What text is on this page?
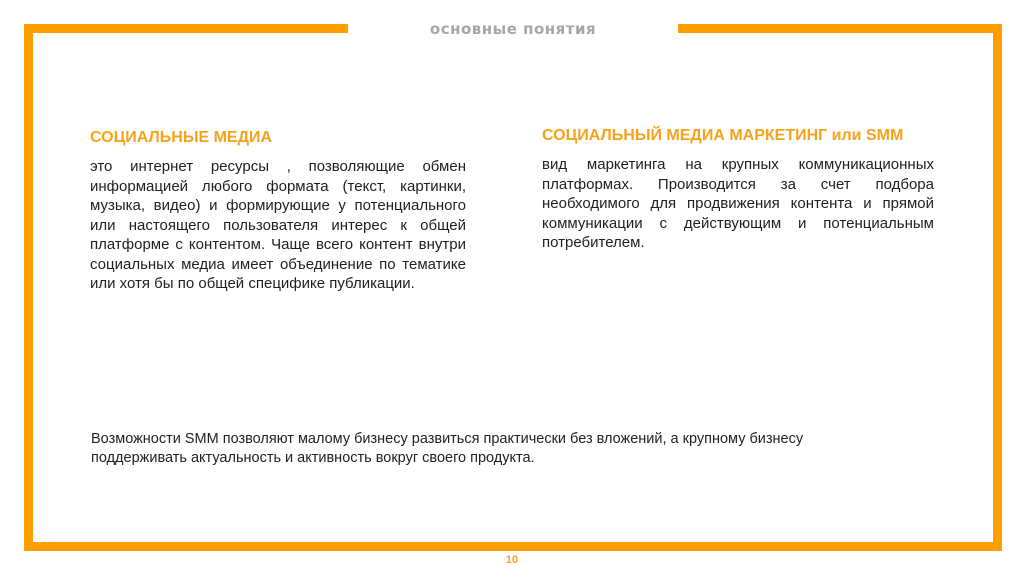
основные понятия

СОЦИАЛЬНЫЕ МЕДИА

это интернет ресурсы , позволяющие обмен информацией любого формата (текст, картинки, музыка, видео) и формирующие у потенциального или настоящего пользователя интерес к общей платформе с контентом. Чаще всего контент внутри социальных медиа имеет объединение по тематике или хотя бы по общей специфике публикации.

СОЦИАЛЬНЫЙ МЕДИА МАРКЕТИНГ или SMM

вид маркетинга на крупных коммуникационных платформах. Производится за счет подбора необходимого для продвижения контента и прямой коммуникации с действующим и потенциальным потребителем.

Возможности SMM позволяют малому бизнесу развиться практически без вложений, а крупному бизнесу поддерживать актуальность и активность вокруг своего продукта.
10
